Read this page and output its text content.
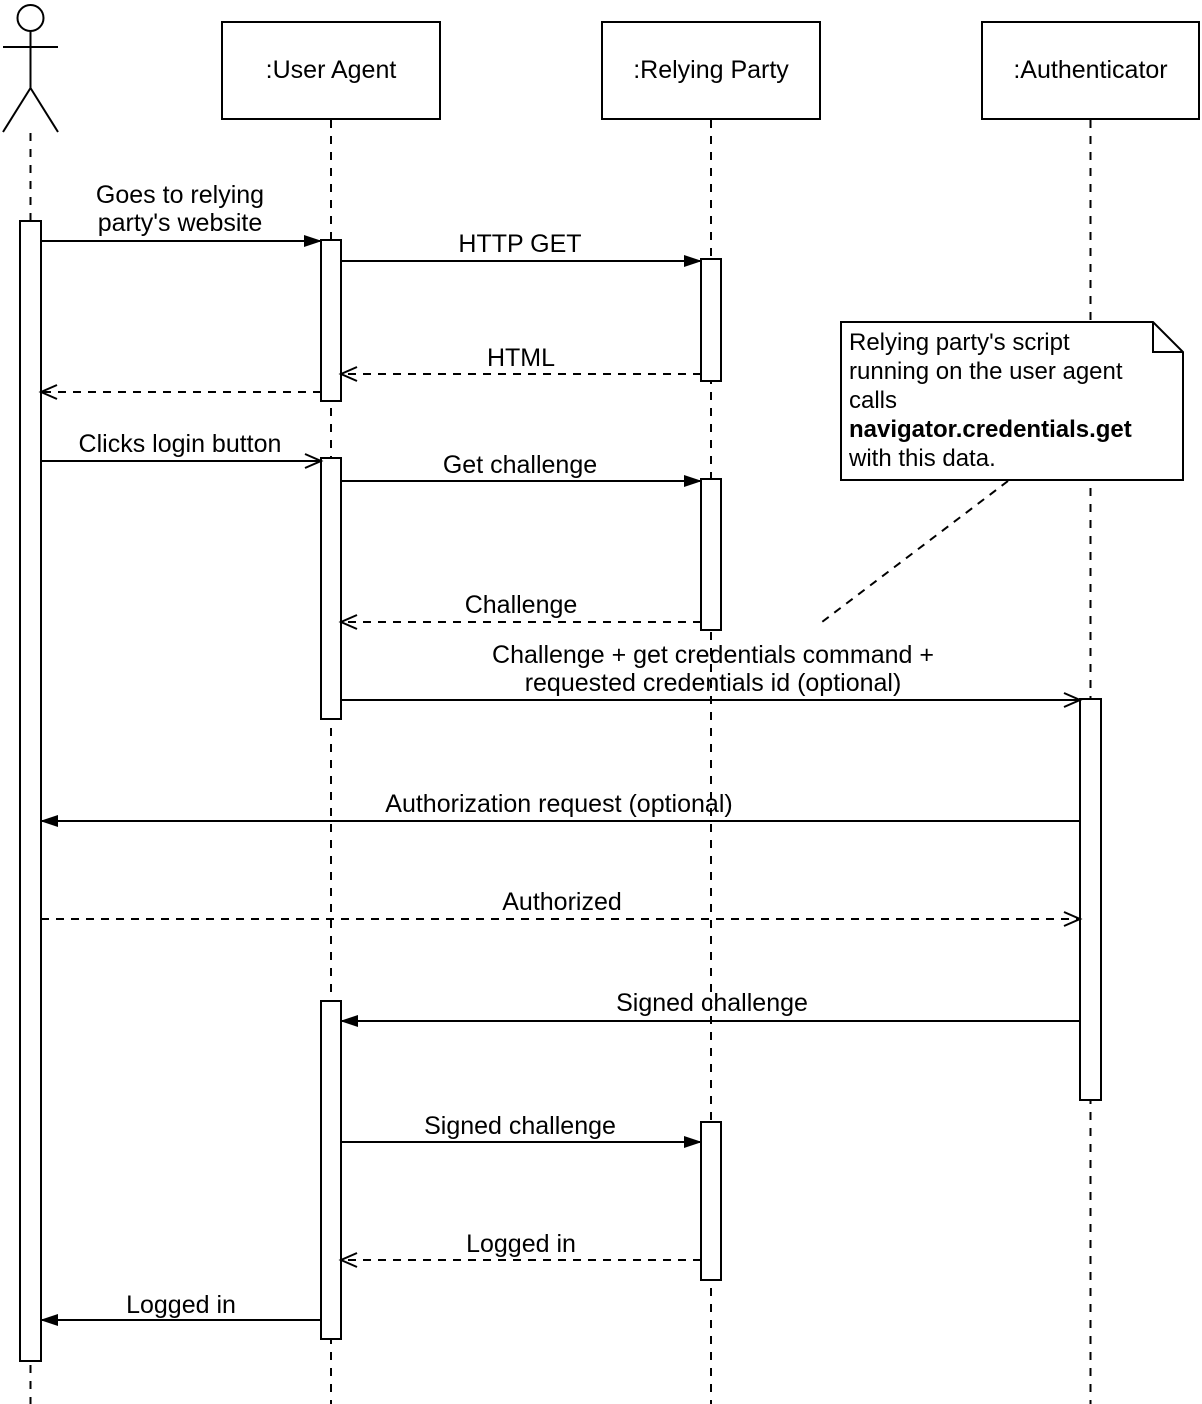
:User Agent	:Relying Party	:Authenticator
Goes to relying party's website
HTTP GET
HTML
Clicks login button
Get challenge
Challenge
Challenge + get credentials command + requested credentials id (optional)
Authorization request (optional)
Authorized
Signed challenge
Signed challenge
Logged in
Logged in
Relying party's script
running on the user agent
calls
navigator.credentials.get
with this data.
